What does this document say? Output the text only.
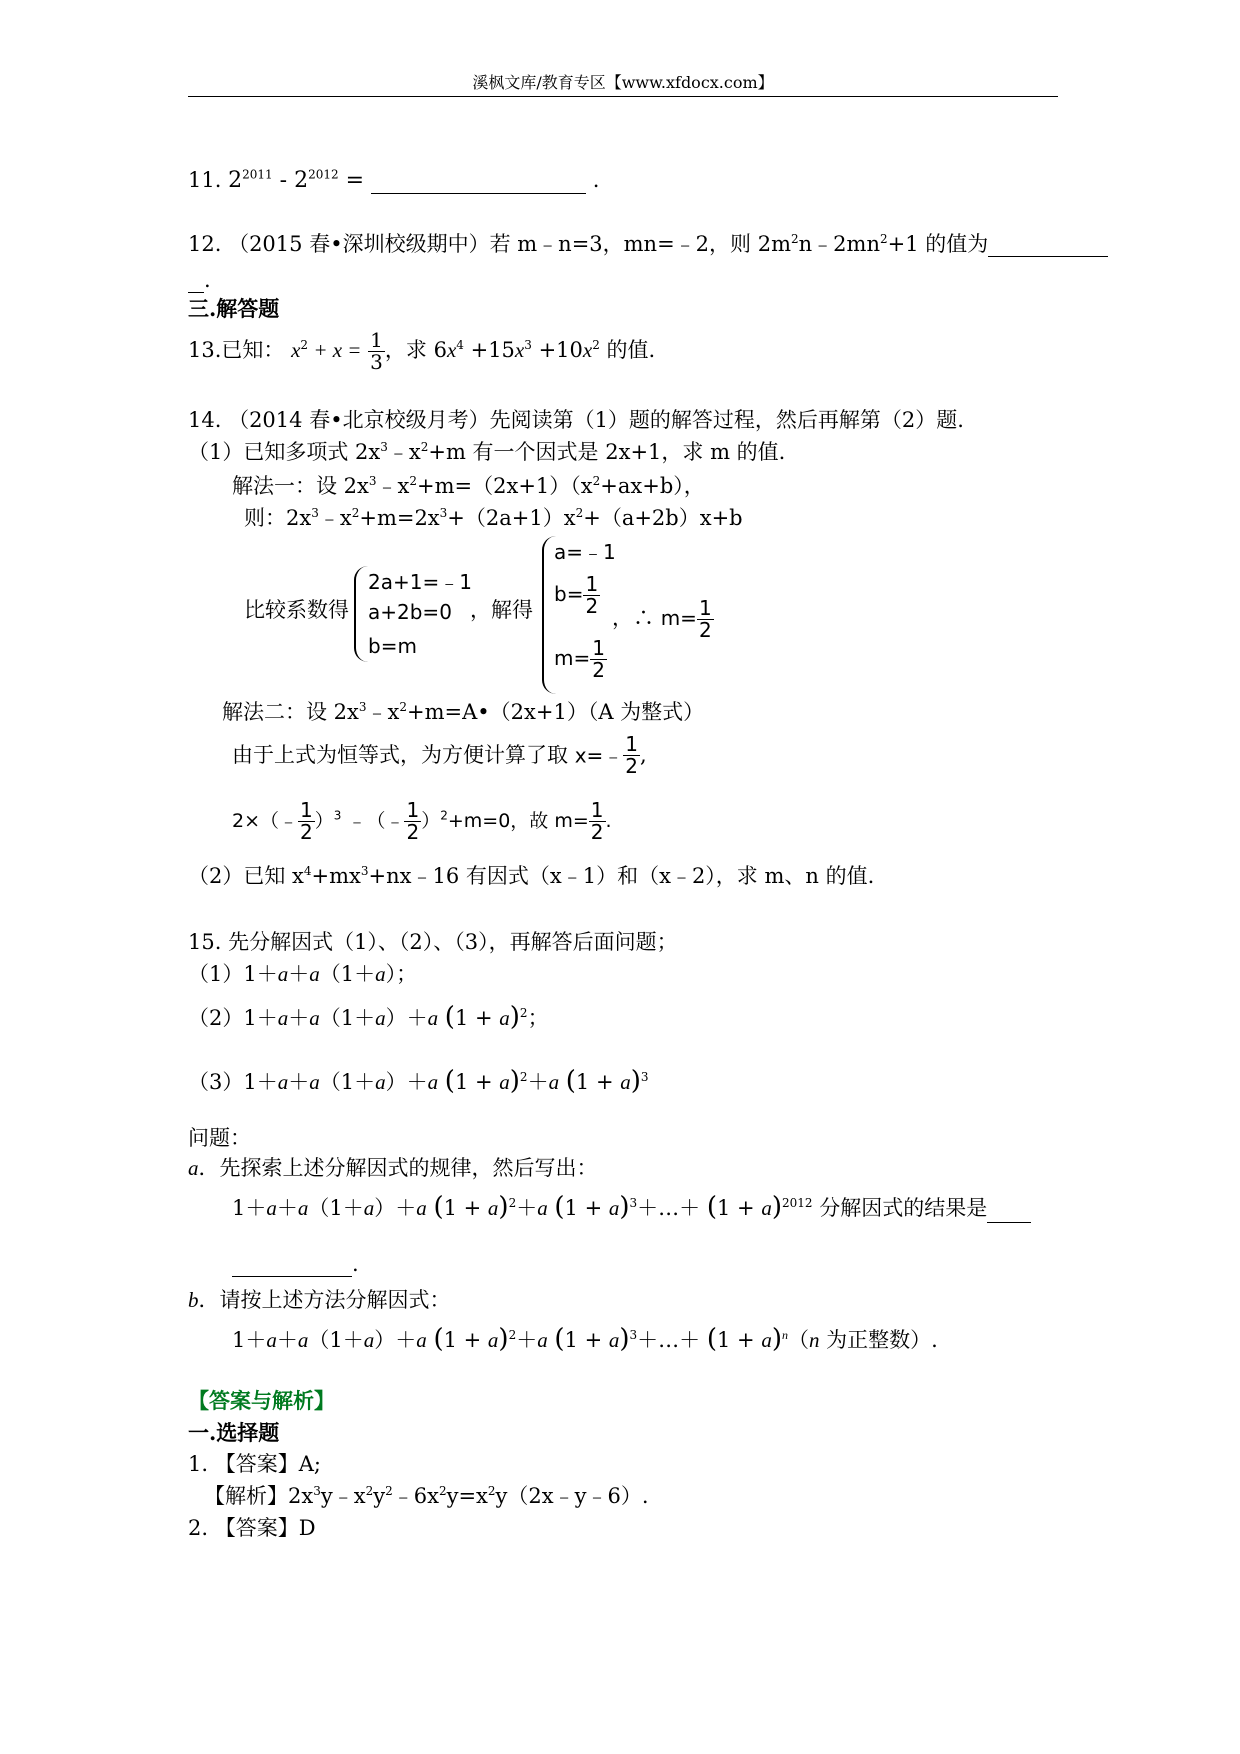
溪枫文库/教育专区【www.xfdocx.com】
11. $2^{2011} - 2^{2012}$ =	.
12. （2015 春•深圳校级期中）若 m﹣n=3，mn=﹣2，则 $2m^2n﹣2mn^2+1$ 的值为
.
三.解答题
13.已知： $x^2 + x = \frac{1}{3}$ ，求 $6x^4 +15x^3 +10x^2$ 的值.
14. （2014 春•北京校级月考）先阅读第（1）题的解答过程，然后再解第（2）题.
（1）已知多项式 $2x^3﹣x^2+m$ 有一个因式是 2x+1，求 m 的值.
解法一：设 $2x^3﹣x^2+m=(2x+1)(x^2+ax+b)$，
则：$2x^3﹣x^2+m=2x^3+(2a+1)x^2+(a+2b)x+b$
比较系数得
2a+1=﹣1
a+2b=0
b=m
，解得
a=﹣1
$b= \frac{1}{2}$
$m= \frac{1}{2}$
，∴ $m= \frac{1}{2}$
解法二：设 $2x^3﹣x^2+m=A•(2x+1)(A$ 为整式）
由于上式为恒等式，为方便计算了取 x=﹣ $\frac{1}{2}$ ,
2×（﹣ $\frac{1}{2} )^3$ ﹣（﹣ $\frac{1}{2} )^2+m=0$，故 $m= \frac{1}{2}$ .
（2）已知 $x^4+mx^3+nx﹣16$ 有因式（x﹣1）和（x﹣2），求 m、n 的值.
15. 先分解因式（1）、（2）、（3），再解答后面问题；
（1）1＋a＋a（1＋a）；
（2）1＋a＋a（1＋a）＋a $(1 + a)^2$；
（3）1＋a＋a（1＋a）＋a $(1 + a)^2+a$ $(1 + a)^3$
问题：
a．先探索上述分解因式的规律，然后写出：
1＋a＋a（1＋a）＋a $(1 + a)^2+a$ $(1 + a)^3+\dots+ (1 + a)^{2012}$ 分解因式的结果是
.
b．请按上述方法分解因式：
1＋a＋a（1＋a）＋a $(1 + a)^2+a$ $(1 + a)^3+\dots+ (1 + a)^n(n$ 为正整数）.
【答案与解析】
一.选择题
1. 【答案】A;
【解析】$2x^3y﹣x^2y^2﹣6x^2y=x^2y(2x﹣y﹣6)$.
2. 【答案】D
